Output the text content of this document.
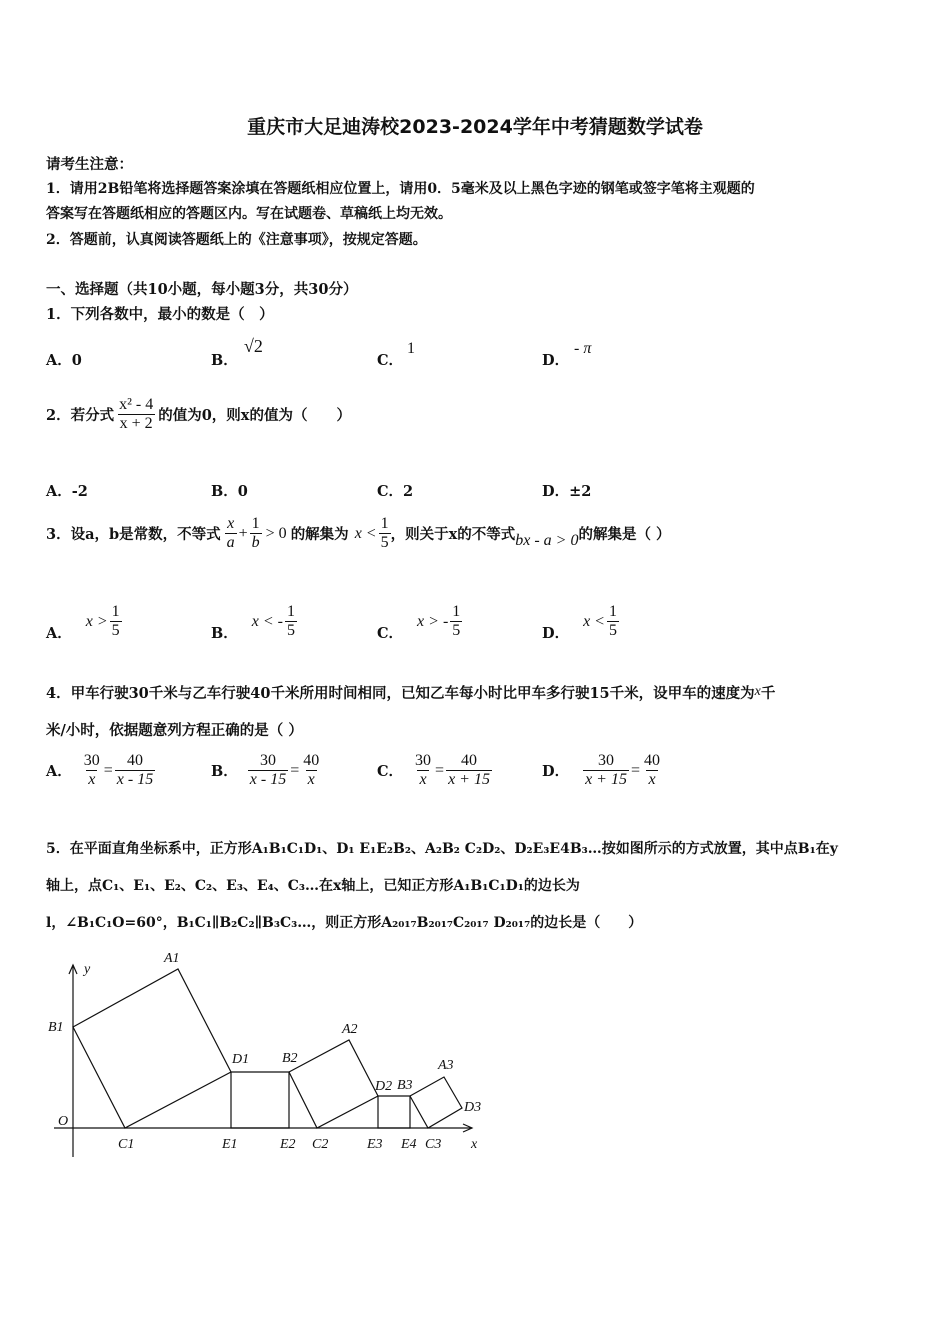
重庆市大足迪涛校2023-2024学年中考猜题数学试卷
请考生注意：
1．请用2B铅笔将选择题答案涂填在答题纸相应位置上，请用0．5毫米及以上黑色字迹的钢笔或签字笔将主观题的
答案写在答题纸相应的答题区内。写在试题卷、草稿纸上均无效。
2．答题前，认真阅读答题纸上的《注意事项》，按规定答题。
一、选择题（共10小题，每小题3分，共30分）
1．下列各数中，最小的数是（　）
A．0	B．
√2
C．
1
D．
- π
2．若分式 $\frac{\text{x² - 4}}{x + 2}$ 的值为0，则x的值为（　　）
A．-2	B．0	C．2	D．±2
3．设a，b是常数，不等式 $\frac{x}{a} + \frac{1}{b} > 0$ 的解集为 $x < \frac{1}{5}$ ，则关于x的不等式 bx - a > 0 的解集是（ ）
A．
$x > \frac{1}{5}$	B．
x < - $\frac{1}{5}$	C．
x > - $\frac{1}{5}$	D．
$x < \frac{1}{5}$
4．甲车行驶30千米与乙车行驶40千米所用时间相同，已知乙车每小时比甲车多行驶15千米，设甲车的速度为x千
米/小时，依据题意列方程正确的是（ ）
A． $\frac{30}{x} = \frac{40}{x - 15}$	B． $\frac{30}{x - 15} = \frac{40}{x}$	C． $\frac{30}{x} = \frac{40}{x + 15}$	D． $\frac{30}{x + 15} = \frac{40}{x}$
5．在平面直角坐标系中，正方形A₁B₁C₁D₁、D₁ E₁E₂B₂、A₂B₂ C₂D₂、D₂E₃E4B₃…按如图所示的方式放置，其中点B₁在y
轴上，点C₁、E₁、E₂、C₂、E₃、E₄、C₃…在x轴上，已知正方形A₁B₁C₁D₁的边长为
l，∠B₁C₁O=60°，B₁C₁∥B₂C₂∥B₃C₃…，则正方形A₂₀₁₇B₂₀₁₇C₂₀₁₇ D₂₀₁₇的边长是（　　）
y
x
O
A1
B1
C1
D1
E1	E2
B2
A2
C2
D2 B3
E3 E4 C3
A3
D3
